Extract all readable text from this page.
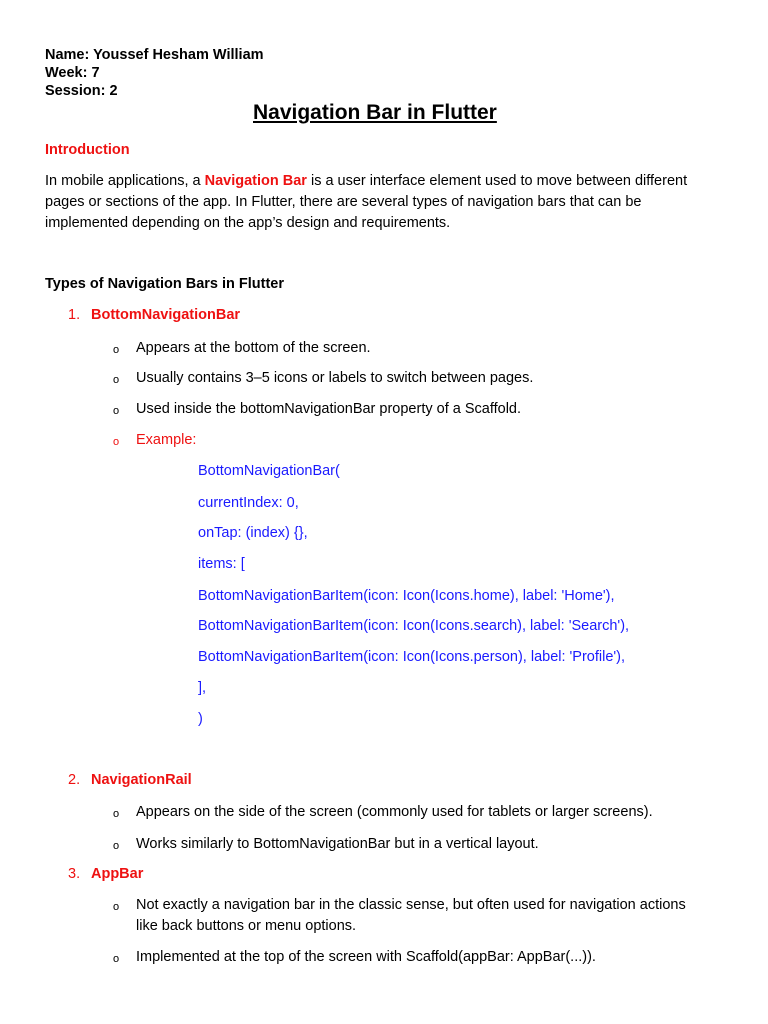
Name: Youssef Hesham William
Week: 7
Session: 2
Navigation Bar in Flutter
Introduction
In mobile applications, a Navigation Bar is a user interface element used to move between different
pages or sections of the app. In Flutter, there are several types of navigation bars that can be
implemented depending on the app’s design and requirements.
Types of Navigation Bars in Flutter
1. BottomNavigationBar
o Appears at the bottom of the screen.
o Usually contains 3–5 icons or labels to switch between pages.
o Used inside the bottomNavigationBar property of a Scaffold.
o Example:
BottomNavigationBar(
currentIndex: 0,
onTap: (index) {},
items: [
BottomNavigationBarItem(icon: Icon(Icons.home), label: 'Home'),
BottomNavigationBarItem(icon: Icon(Icons.search), label: 'Search'),
BottomNavigationBarItem(icon: Icon(Icons.person), label: 'Profile'),
],
)
2. NavigationRail
o Appears on the side of the screen (commonly used for tablets or larger screens).
o Works similarly to BottomNavigationBar but in a vertical layout.
3. AppBar
o Not exactly a navigation bar in the classic sense, but often used for navigation actions
like back buttons or menu options.
o Implemented at the top of the screen with Scaffold(appBar: AppBar(...)).
